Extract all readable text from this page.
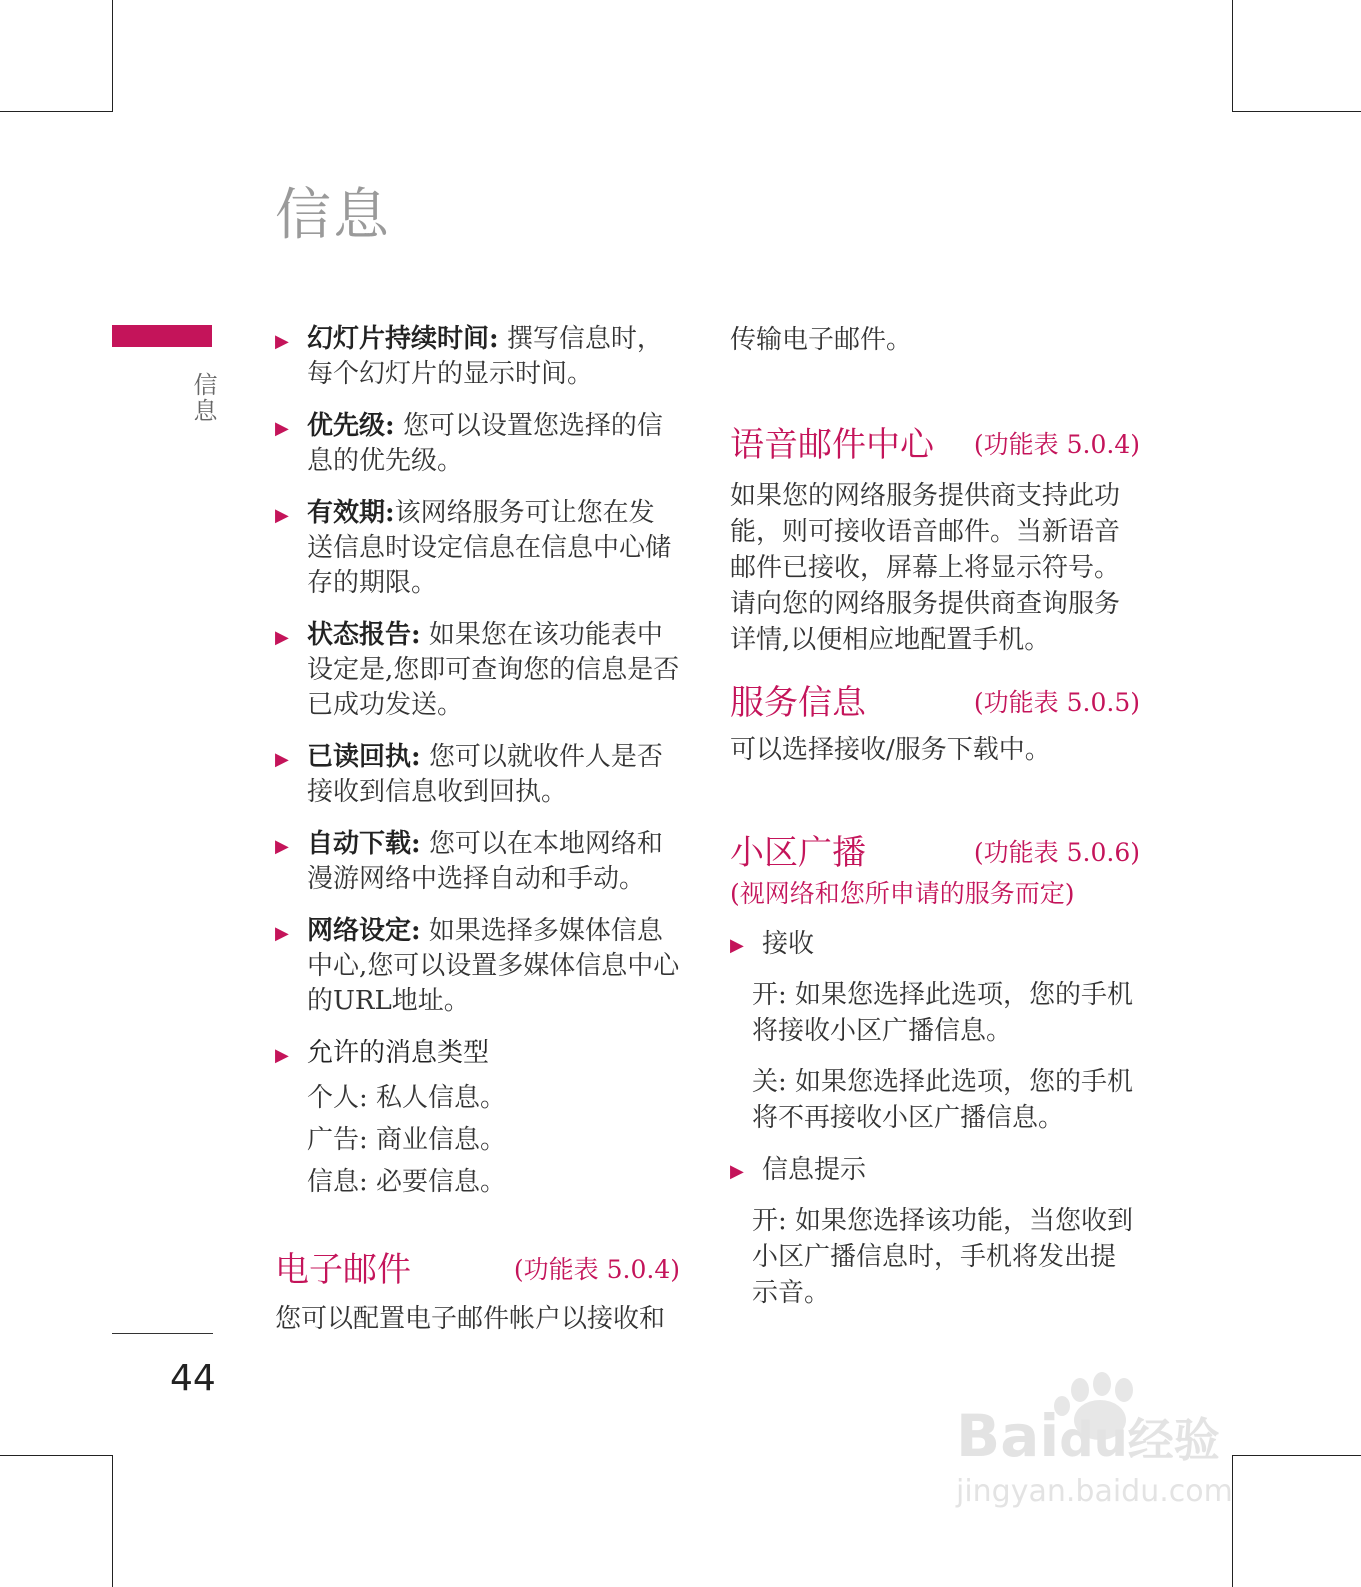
信息
信息
44
▶ 幻灯片持续时间: 撰写信息时，每个幻灯片的显示时间。
▶ 优先级: 您可以设置您选择的信息的优先级。
▶ 有效期:该网络服务可让您在发送信息时设定信息在信息中心储存的期限。
▶ 状态报告: 如果您在该功能表中设定是,您即可查询您的信息是否已成功发送。
▶ 已读回执: 您可以就收件人是否接收到信息收到回执。
▶ 自动下载: 您可以在本地网络和漫游网络中选择自动和手动。
▶ 网络设定: 如果选择多媒体信息中心,您可以设置多媒体信息中心的URL地址。
▶ 允许的消息类型
个人: 私人信息。
广告: 商业信息。
信息: 必要信息。
电子邮件	(功能表 5.0.4)
您可以配置电子邮件帐户以接收和
传输电子邮件。
语音邮件中心 (功能表 5.0.4)
如果您的网络服务提供商支持此功能，则可接收语音邮件。当新语音邮件已接收，屏幕上将显示符号。请向您的网络服务提供商查询服务详情,以便相应地配置手机。
服务信息	(功能表 5.0.5)
可以选择接收/服务下载中。
小区广播	(功能表 5.0.6)
(视网络和您所申请的服务而定)
▶ 接收
开: 如果您选择此选项，您的手机将接收小区广播信息。
关: 如果您选择此选项，您的手机将不再接收小区广播信息。
▶ 信息提示
开: 如果您选择该功能，当您收到小区广播信息时，手机将发出提示音。
Baidu经验
jingyan.baidu.com
